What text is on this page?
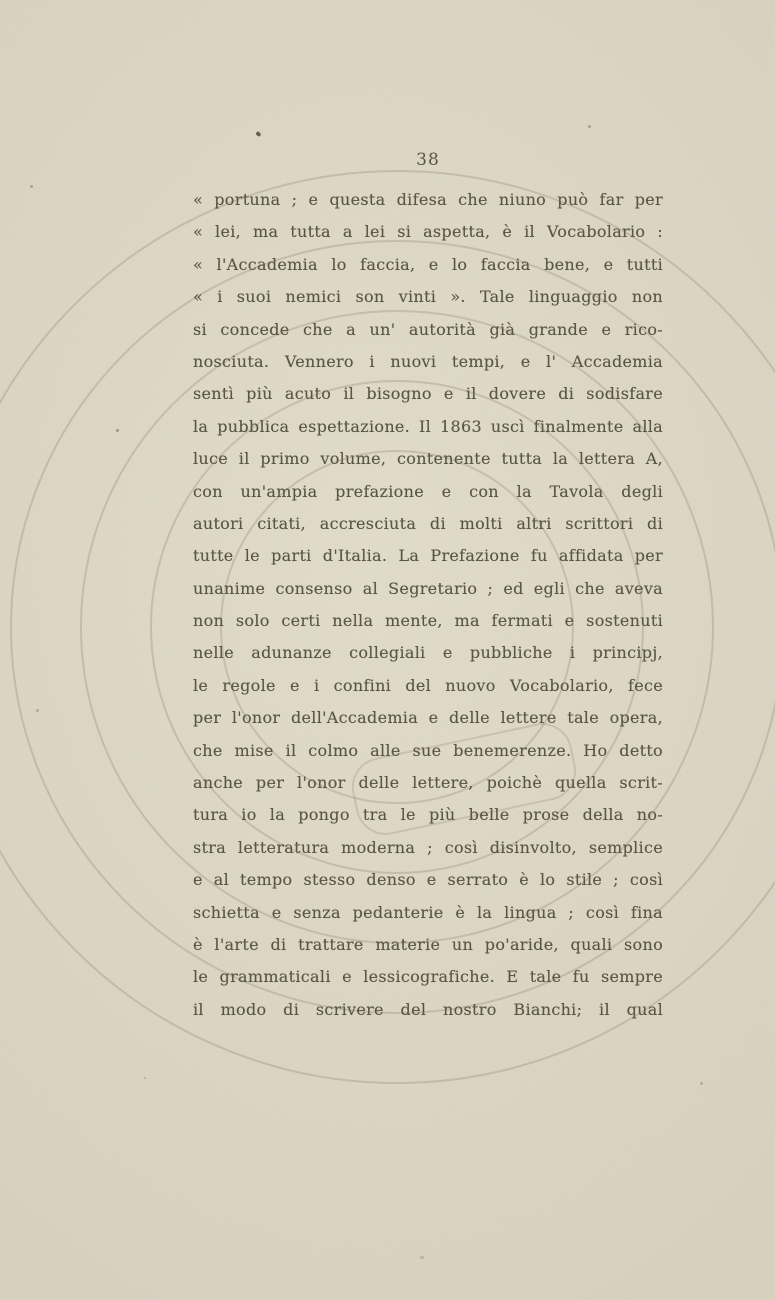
38
« portuna ; e questa difesa che niuno può far per
« lei, ma tutta a lei si aspetta, è il Vocabolario :
« l'Accademia lo faccia, e lo faccia bene, e tutti
« i suoi nemici son vinti ». Tale linguaggio non
si concede che a un' autorità già grande e rico-
nosciuta. Vennero i nuovi tempi, e l' Accademia
sentì più acuto il bisogno e il dovere di sodisfare
la pubblica espettazione. Il 1863 uscì finalmente alla
luce il primo volume, contenente tutta la lettera A,
con un'ampia prefazione e con la Tavola degli
autori citati, accresciuta di molti altri scrittori di
tutte le parti d'Italia. La Prefazione fu affidata per
unanime consenso al Segretario ; ed egli che aveva
non solo certi nella mente, ma fermati e sostenuti
nelle adunanze collegiali e pubbliche i principj,
le regole e i confini del nuovo Vocabolario, fece
per l'onor dell'Accademia e delle lettere tale opera,
che mise il colmo alle sue benemerenze. Ho detto
anche per l'onor delle lettere, poichè quella scrit-
tura io la pongo tra le più belle prose della no-
stra letteratura moderna ; così disinvolto, semplice
e al tempo stesso denso e serrato è lo stile ; così
schietta e senza pedanterie è la lingua ; così fina
è l'arte di trattare materie un po'aride, quali sono
le grammaticali e lessicografiche. E tale fu sempre
il modo di scrivere del nostro Bianchi; il qual
